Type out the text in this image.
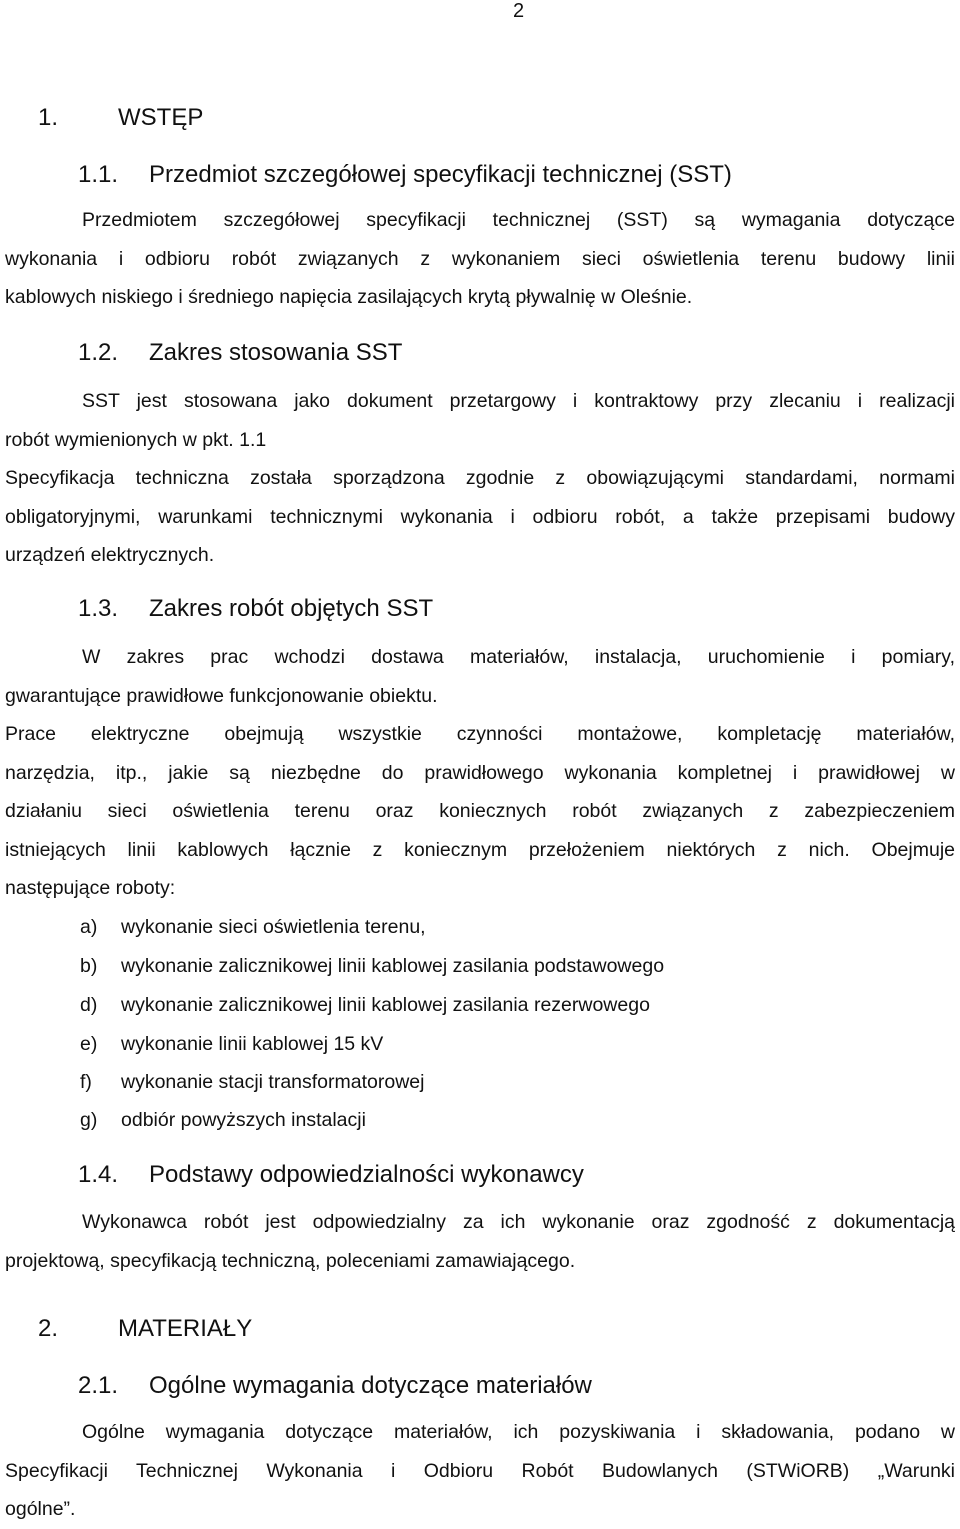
2
1. WSTĘP
1.1. Przedmiot szczegółowej specyfikacji technicznej (SST)
Przedmiotem szczegółowej specyfikacji technicznej (SST) są wymagania dotyczące
wykonania i odbioru robót związanych z wykonaniem sieci oświetlenia terenu budowy linii
kablowych niskiego i średniego napięcia zasilających krytą pływalnię w Oleśnie.
1.2. Zakres stosowania SST
SST jest stosowana jako dokument przetargowy i kontraktowy przy zlecaniu i realizacji
robót wymienionych w pkt. 1.1
Specyfikacja techniczna została sporządzona zgodnie z obowiązującymi standardami, normami
obligatoryjnymi, warunkami technicznymi wykonania i odbioru robót, a także przepisami budowy
urządzeń elektrycznych.
1.3. Zakres robót objętych SST
W zakres prac wchodzi dostawa materiałów, instalacja, uruchomienie i pomiary,
gwarantujące prawidłowe funkcjonowanie obiektu.
Prace elektryczne obejmują wszystkie czynności montażowe, kompletację materiałów,
narzędzia, itp., jakie są niezbędne do prawidłowego wykonania kompletnej i prawidłowej w
działaniu sieci oświetlenia terenu oraz koniecznych robót związanych z zabezpieczeniem
istniejących linii kablowych łącznie z koniecznym przełożeniem niektórych z nich. Obejmuje
następujące roboty:
a) wykonanie sieci oświetlenia terenu,
b) wykonanie zalicznikowej linii kablowej zasilania podstawowego
d) wykonanie zalicznikowej linii kablowej zasilania rezerwowego
e) wykonanie linii kablowej 15 kV
f) wykonanie stacji transformatorowej
g) odbiór powyższych instalacji
1.4. Podstawy odpowiedzialności wykonawcy
Wykonawca robót jest odpowiedzialny za ich wykonanie oraz zgodność z dokumentacją
projektową, specyfikacją techniczną, poleceniami zamawiającego.
2. MATERIAŁY
2.1. Ogólne wymagania dotyczące materiałów
Ogólne wymagania dotyczące materiałów, ich pozyskiwania i składowania, podano w
Specyfikacji Technicznej Wykonania i Odbioru Robót Budowlanych (STWiORB) „Warunki
ogólne”.
